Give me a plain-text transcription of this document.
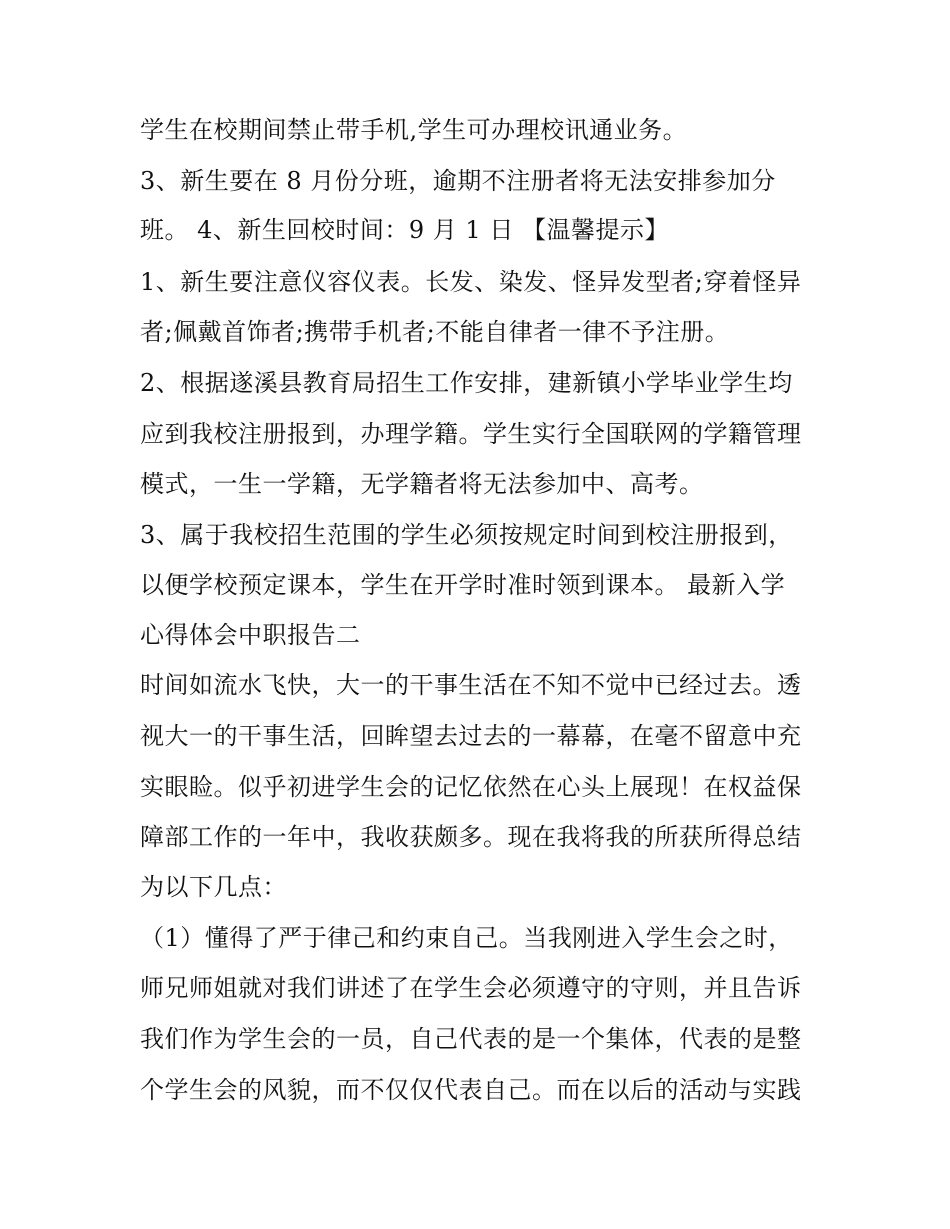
学生在校期间禁止带手机,学生可办理校讯通业务。
3、新生要在 8 月份分班，逾期不注册者将无法安排参加分
班。 4、新生回校时间：9 月 1 日 【温馨提示】
1、新生要注意仪容仪表。长发、染发、怪异发型者;穿着怪异
者;佩戴首饰者;携带手机者;不能自律者一律不予注册。
2、根据遂溪县教育局招生工作安排，建新镇小学毕业学生均
应到我校注册报到，办理学籍。学生实行全国联网的学籍管理
模式，一生一学籍，无学籍者将无法参加中、高考。
3、属于我校招生范围的学生必须按规定时间到校注册报到，
以便学校预定课本，学生在开学时准时领到课本。 最新入学
心得体会中职报告二
时间如流水飞快，大一的干事生活在不知不觉中已经过去。透
视大一的干事生活，回眸望去过去的一幕幕，在毫不留意中充
实眼睑。似乎初进学生会的记忆依然在心头上展现！在权益保
障部工作的一年中，我收获颇多。现在我将我的所获所得总结
为以下几点：
（1）懂得了严于律己和约束自己。当我刚进入学生会之时，
师兄师姐就对我们讲述了在学生会必须遵守的守则，并且告诉
我们作为学生会的一员，自己代表的是一个集体，代表的是整
个学生会的风貌，而不仅仅代表自己。而在以后的活动与实践
